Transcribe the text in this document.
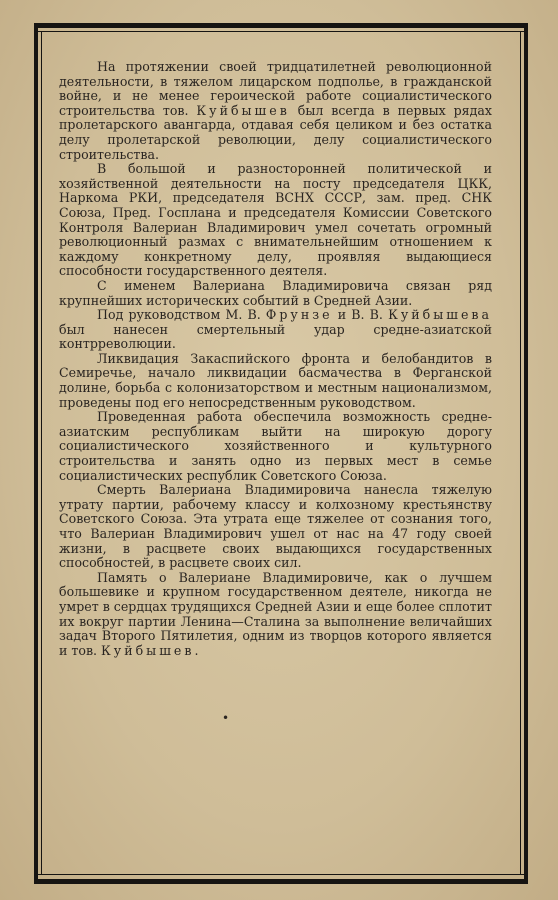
На протяжении своей тридцатилетней революционной деятельности, в тяжелом лицарском подполье, в гражданской войне, и не менее героической работе социалистического строительства тов. Куйбышев был всегда в первых рядах пролетарского авангарда, отдавая себя целиком и без остатка делу пролетарской революции, делу социалистического строительства.

В большой и разносторонней политической и хозяйственной деятельности на посту председателя ЦКК, Наркома РКИ, председателя ВСНХ СССР, зам. пред. СНК Союза, Пред. Госплана и председателя Комиссии Советского Контроля Валериан Владимирович умел сочетать огромный революционный размах с внимательнейшим отношением к каждому конкретному делу, проявляя выдающиеся способности государственного деятеля.

С именем Валериана Владимировича связан ряд крупнейших исторических событий в Средней Азии.

Под руководством М. В. Фрунзе и В. В. Куйбышева был нанесен смертельный удар средне-азиатской контрреволюции.

Ликвидация Закаспийского фронта и белобандитов в Семиречье, начало ликвидации басмачества в Ферганской долине, борьба с колонизаторством и местным национализмом, проведены под его непосредственным руководством.

Проведенная работа обеспечила возможность средне-азиатским республикам выйти на широкую дорогу социалистического хозяйственного и культурного строительства и занять одно из первых мест в семье социалистических республик Советского Союза.

Смерть Валериана Владимировича нанесла тяжелую утрату партии, рабочему классу и колхозному крестьянству Советского Союза. Эта утрата еще тяжелее от сознания того, что Валериан Владимирович ушел от нас на 47 году своей жизни, в расцвете своих выдающихся государственных способностей, в расцвете своих сил.

Память о Валериане Владимировиче, как о лучшем большевике и крупном государственном деятеле, никогда не умрет в сердцах трудящихся Средней Азии и еще более сплотит их вокруг партии Ленина—Сталина за выполнение величайших задач Второго Пятилетия, одним из творцов которого является и тов. Куйбышев.

•
